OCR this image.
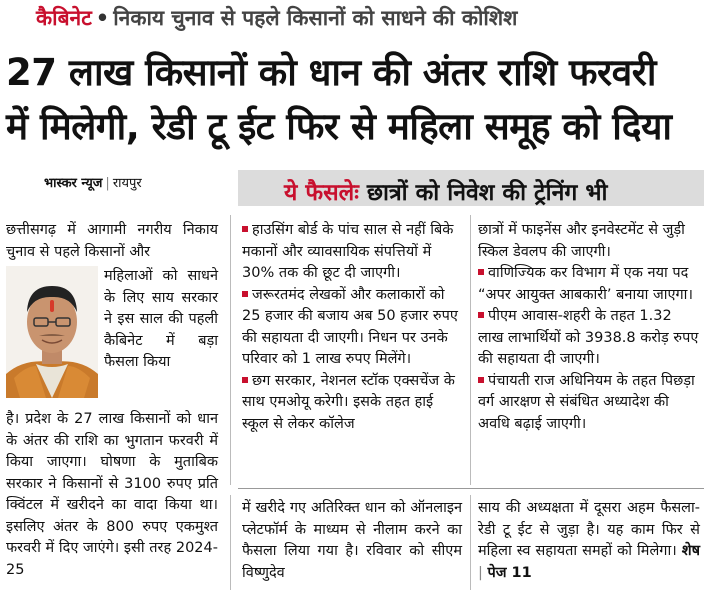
कैबिनेट • निकाय चुनाव से पहले किसानों को साधने की कोशिश
27 लाख किसानों को धान की अंतर राशि फरवरी
में मिलेगी, रेडी टू ईट फिर से महिला समूह को दिया
भास्कर न्यूज | रायपुर	ये फैसलेः छात्रों को निवेश की ट्रेनिंग भी
छत्तीसगढ़ में आगामी नगरीय निकाय चुनाव से पहले किसानों और
महिलाओं को साधने के लिए साय सरकार ने इस साल की पहली कैबिनेट में बड़ा फैसला किया
है। प्रदेश के 27 लाख किसानों को धान के अंतर की राशि का भुगतान फरवरी में किया जाएगा। घोषणा के मुताबिक सरकार ने किसानों से 3100 रुपए प्रति क्विंटल में खरीदने का वादा किया था। इसलिए अंतर के 800 रुपए एकमुश्त फरवरी में दिए जाएंगे। इसी तरह 2024-25

हाउसिंग बोर्ड के पांच साल से नहीं बिके मकानों और व्यावसायिक संपत्तियों में 30% तक की छूट दी जाएगी।

जरूरतमंद लेखकों और कलाकारों को 25 हजार की बजाय अब 50 हजार रुपए की सहायता दी जाएगी। निधन पर उनके परिवार को 1 लाख रुपए मिलेंगे।

छग सरकार, नेशनल स्टॉक एक्सचेंज के साथ एमओयू करेगी। इसके तहत हाई स्कूल से लेकर कॉलेज

छात्रों में फाइनेंस और इनवेस्टमेंट से जुड़ी स्किल डेवलप की जाएगी।

वाणिज्यिक कर विभाग में एक नया पद “अपर आयुक्त आबकारी’ बनाया जाएगा।

पीएम आवास-शहरी के तहत 1.32 लाख लाभार्थियों को 3938.8 करोड़ रुपए की सहायता दी जाएगी।

पंचायती राज अधिनियम के तहत पिछड़ा वर्ग आरक्षण से संबंधित अध्यादेश की अवधि बढ़ाई जाएगी।

में खरीदे गए अतिरिक्त धान को ऑनलाइन प्लेटफॉर्म के माध्यम से नीलाम करने का फैसला लिया गया है। रविवार को सीएम विष्णुदेव
साय की अध्यक्षता में दूसरा अहम फैसला- रेडी टू ईट से जुड़ा है। यह काम फिर से महिला स्व सहायता समहों को मिलेगा। शेष | पेज 11
